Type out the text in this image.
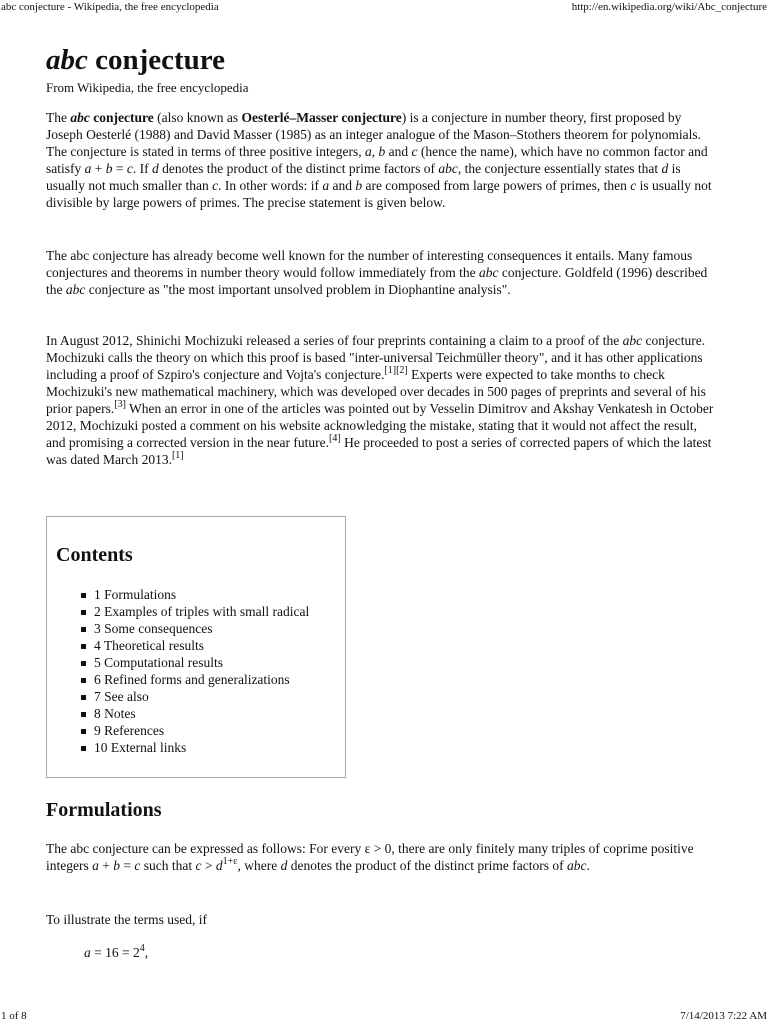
abc conjecture - Wikipedia, the free encyclopedia	http://en.wikipedia.org/wiki/Abc_conjecture
abc conjecture
From Wikipedia, the free encyclopedia

The abc conjecture (also known as Oesterlé–Masser conjecture) is a conjecture in number theory, first proposed by Joseph Oesterlé (1988) and David Masser (1985) as an integer analogue of the Mason–Stothers theorem for polynomials. The conjecture is stated in terms of three positive integers, a, b and c (hence the name), which have no common factor and satisfy a + b = c. If d denotes the product of the distinct prime factors of abc, the conjecture essentially states that d is usually not much smaller than c. In other words: if a and b are composed from large powers of primes, then c is usually not divisible by large powers of primes. The precise statement is given below.

The abc conjecture has already become well known for the number of interesting consequences it entails. Many famous conjectures and theorems in number theory would follow immediately from the abc conjecture. Goldfeld (1996) described the abc conjecture as "the most important unsolved problem in Diophantine analysis".

In August 2012, Shinichi Mochizuki released a series of four preprints containing a claim to a proof of the abc conjecture. Mochizuki calls the theory on which this proof is based "inter-universal Teichmüller theory", and it has other applications including a proof of Szpiro's conjecture and Vojta's conjecture.[1][2] Experts were expected to take months to check Mochizuki's new mathematical machinery, which was developed over decades in 500 pages of preprints and several of his prior papers.[3] When an error in one of the articles was pointed out by Vesselin Dimitrov and Akshay Venkatesh in October 2012, Mochizuki posted a comment on his website acknowledging the mistake, stating that it would not affect the result, and promising a corrected version in the near future.[4] He proceeded to post a series of corrected papers of which the latest was dated March 2013.[1]

Contents
1 Formulations
2 Examples of triples with small radical
3 Some consequences
4 Theoretical results
5 Computational results
6 Refined forms and generalizations
7 See also
8 Notes
9 References
10 External links
Formulations

The abc conjecture can be expressed as follows: For every ε > 0, there are only finitely many triples of coprime positive integers a + b = c such that $c > d^{1+\varepsilon}$, where d denotes the product of the distinct prime factors of abc.

To illustrate the terms used, if

$a = 16 = 2^4$,
1 of 8	7/14/2013 7:22 AM
